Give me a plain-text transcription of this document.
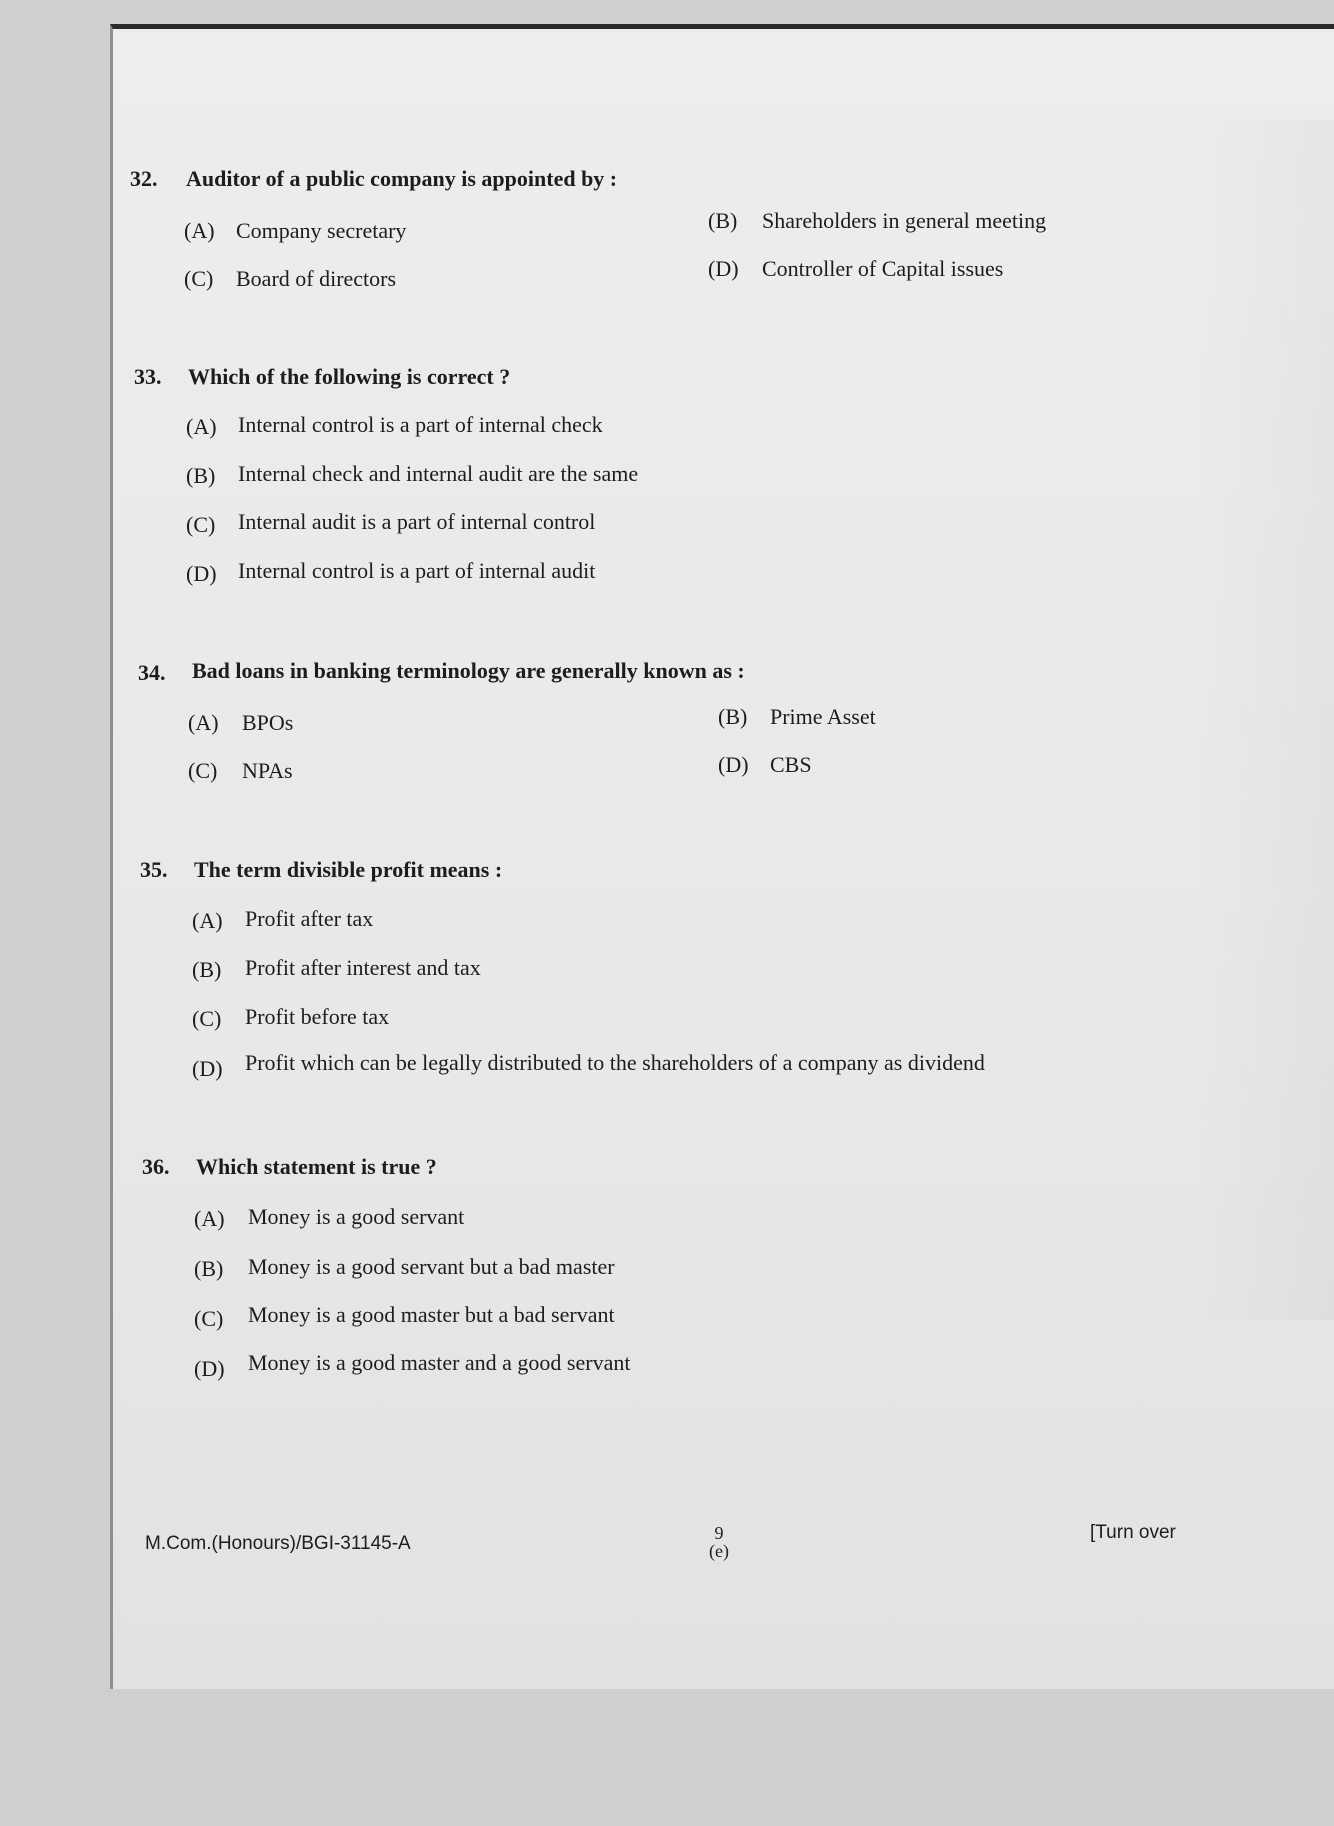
32. Auditor of a public company is appointed by :
(A) Company secretary	(B) Shareholders in general meeting
(C) Board of directors	(D) Controller of Capital issues
33. Which of the following is correct ?
(A) Internal control is a part of internal check
(B) Internal check and internal audit are the same
(C) Internal audit is a part of internal control
(D) Internal control is a part of internal audit
34. Bad loans in banking terminology are generally known as :
(A) BPOs	(B) Prime Asset
(C) NPAs	(D) CBS
35. The term divisible profit means :
(A) Profit after tax
(B) Profit after interest and tax
(C) Profit before tax
(D) Profit which can be legally distributed to the shareholders of a company as dividend
36. Which statement is true ?
(A) Money is a good servant
(B) Money is a good servant but a bad master
(C) Money is a good master but a bad servant
(D) Money is a good master and a good servant
M.Com.(Honours)/BGI-31145-A	9
(e)
[Turn over
